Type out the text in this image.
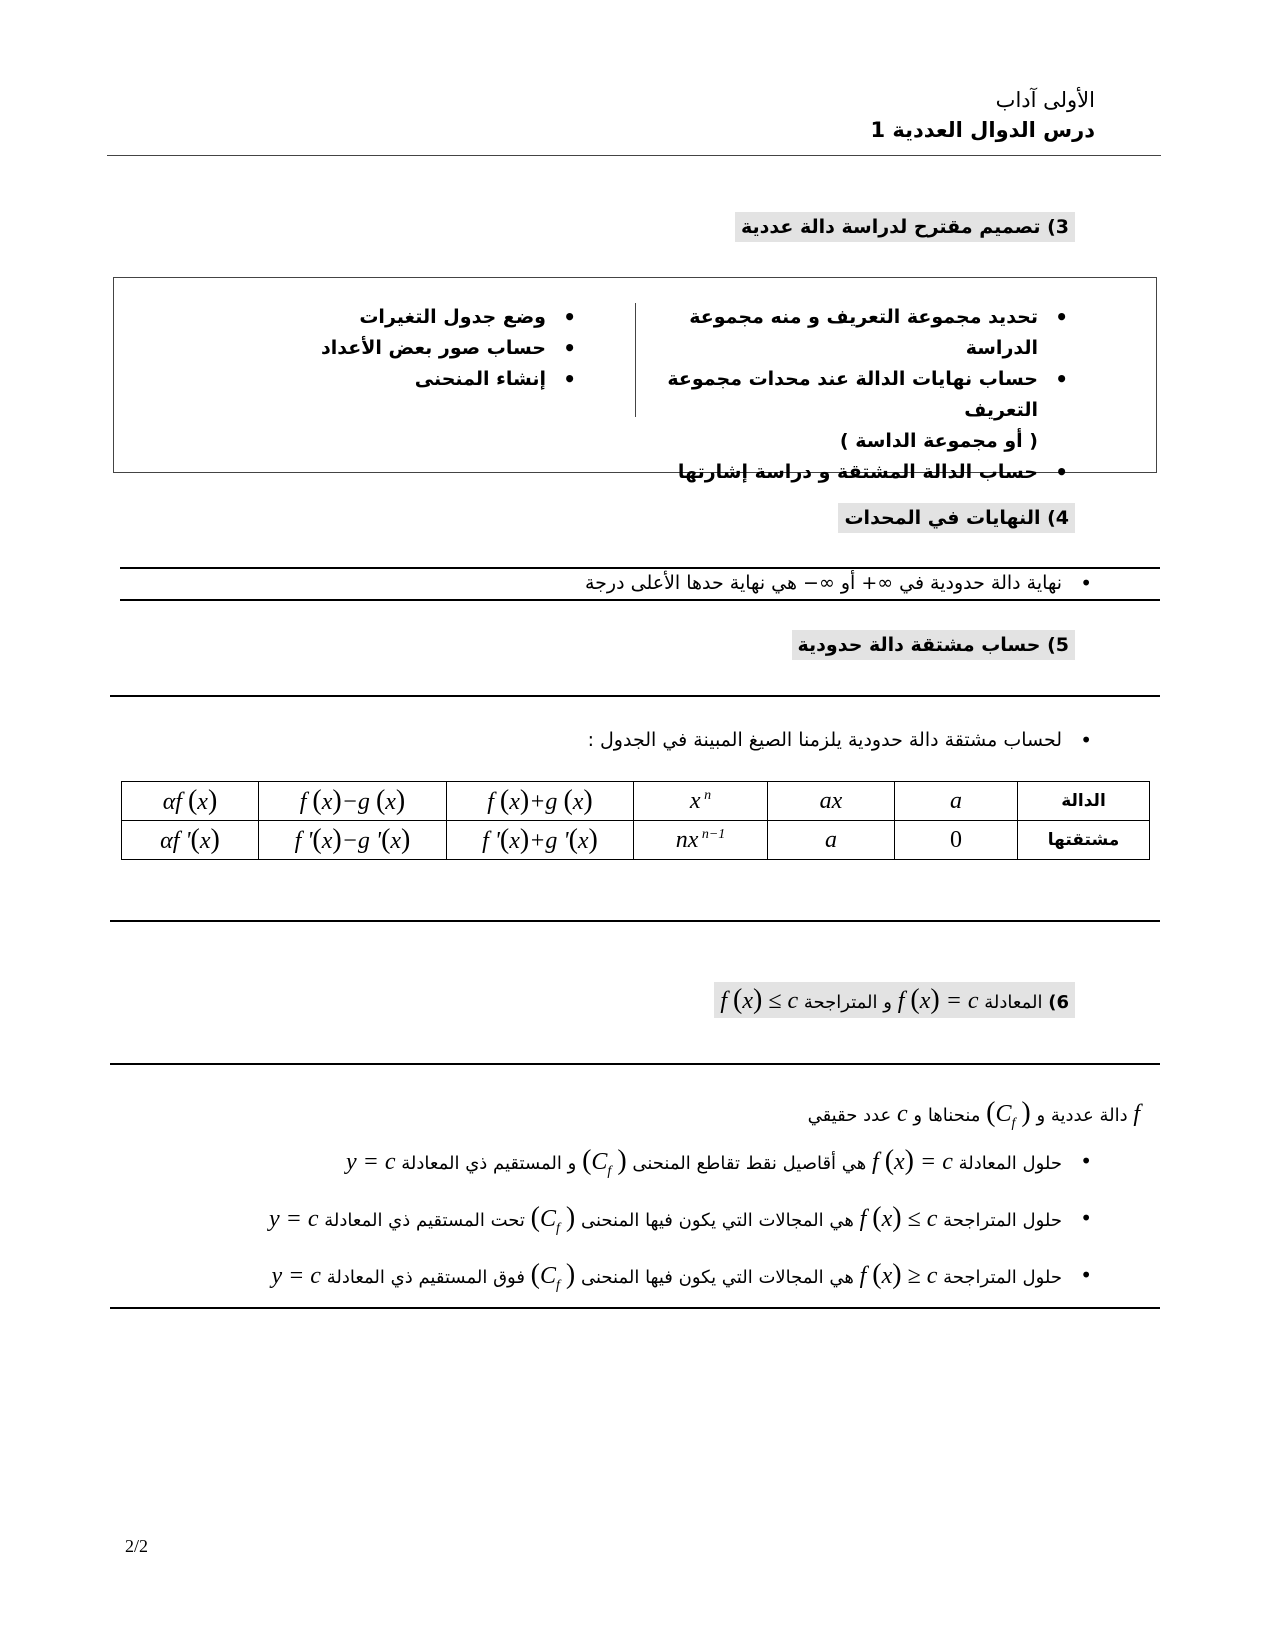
الأولى آداب
درس الدوال العددية 1
3) تصميم مقترح لدراسة دالة عددية
•
تحديد مجموعة التعريف و منه مجموعة الدراسة
•
حساب نهايات الدالة عند محدات مجموعة التعريف
( أو مجموعة الداسة )
•
حساب الدالة المشتقة و دراسة إشارتها
•
وضع جدول التغيرات
•
حساب صور بعض الأعداد
•
إنشاء المنحنى
4) النهايات في المحدات
•
نهاية دالة حدودية في ∞+ أو ∞− هي نهاية حدها الأعلى درجة
5) حساب مشتقة دالة حدودية
•
لحساب مشتقة دالة حدودية يلزمنا الصيغ المبينة في الجدول :
الدالة	a	ax	x $^n$	f (x)+g (x)	f (x)−g (x)	αf (x)
مشتقتها	0	a	nx $^{n-1}$	f '(x)+g '(x)	f '(x)−g '(x)	αf '(x)
6) المعادلة f (x) = c و المتراجحة f (x) ≤ c
f دالة عددية و ($C_f$ ) منحناها و c عدد حقيقي
•
حلول المعادلة f (x) = c هي أقاصيل نقط تقاطع المنحنى ($C_f$ ) و المستقيم ذي المعادلة y = c
•
حلول المتراجحة f (x) ≤ c هي المجالات التي يكون فيها المنحنى ($C_f$ ) تحت المستقيم ذي المعادلة y = c
•
حلول المتراجحة f (x) ≥ c هي المجالات التي يكون فيها المنحنى ($C_f$ ) فوق المستقيم ذي المعادلة y = c
2/2
